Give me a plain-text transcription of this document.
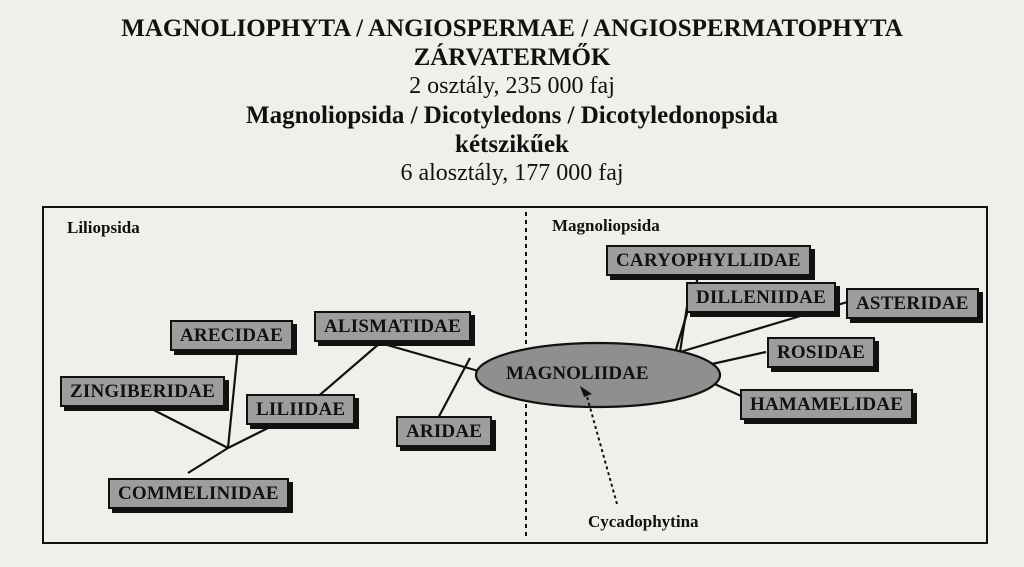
MAGNOLIOPHYTA / ANGIOSPERMAE / ANGIOSPERMATOPHYTA
ZÁRVATERMŐK
2 osztály, 235 000 faj
Magnoliopsida / Dicotyledons / Dicotyledonopsida
kétszikűek
6 alosztály, 177 000 faj
Liliopsida	Magnoliopsida
ARECIDAE	ALISMATIDAE
ZINGIBERIDAE
LILIIDAE
ARIDAE
COMMELINIDAE
CARYOPHYLLIDAE
DILLENIIDAE	ASTERIDAE
ROSIDAE
HAMAMELIDAE
MAGNOLIIDAE
Cycadophytina
